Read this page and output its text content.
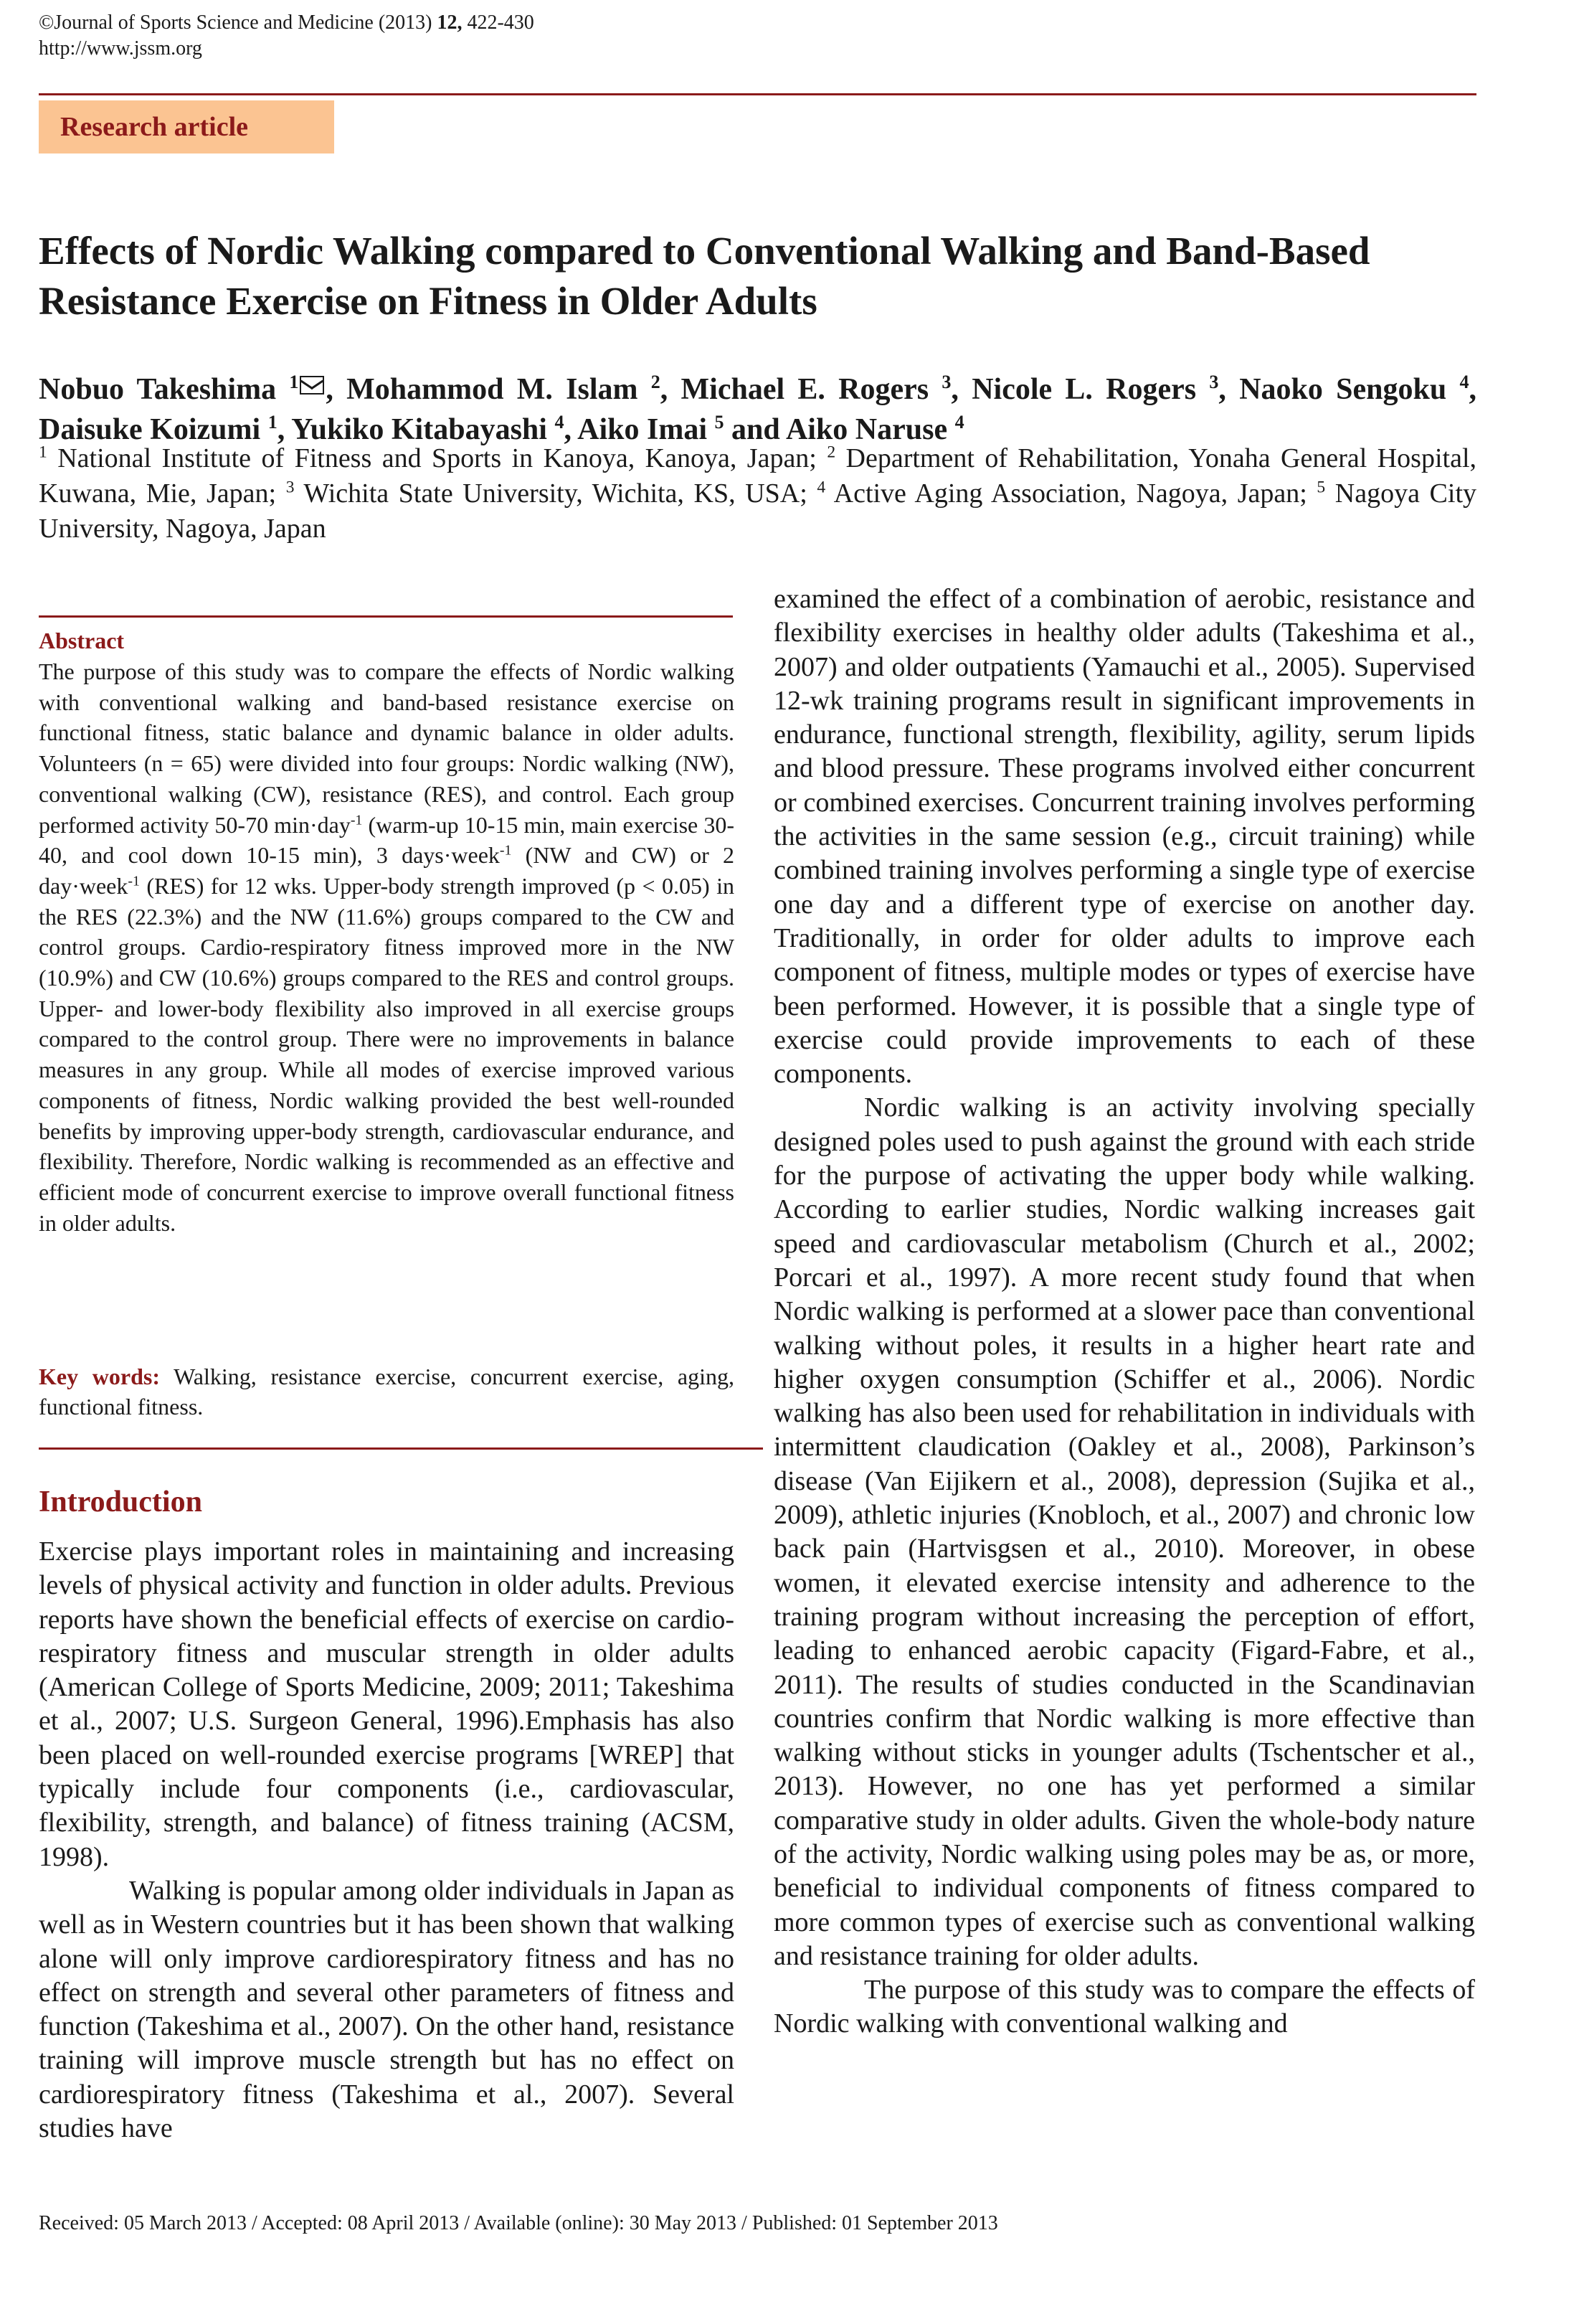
©Journal of Sports Science and Medicine (2013) 12, 422-430
http://www.jssm.org
Research article
Effects of Nordic Walking compared to Conventional Walking and Band-Based Resistance Exercise on Fitness in Older Adults
Nobuo Takeshima $^1$ , Mohammod M. Islam $^2$, Michael E. Rogers $^3$, Nicole L. Rogers $^3$, Naoko Sengoku $^4$, Daisuke Koizumi $^1$, Yukiko Kitabayashi $^4$, Aiko Imai $^5$ and Aiko Naruse $^4$
$^1$ National Institute of Fitness and Sports in Kanoya, Kanoya, Japan; $^2$ Department of Rehabilitation, Yonaha General Hospital, Kuwana, Mie, Japan; $^3$ Wichita State University, Wichita, KS, USA; $^4$ Active Aging Association, Nagoya, Japan; $^5$ Nagoya City University, Nagoya, Japan
Abstract
The purpose of this study was to compare the effects of Nordic walking with conventional walking and band-based resistance exercise on functional fitness, static balance and dynamic balance in older adults. Volunteers (n = 65) were divided into four groups: Nordic walking (NW), conventional walking (CW), resistance (RES), and control. Each group performed activity 50-70 min·day$^{-1}$ (warm-up 10-15 min, main exercise 30-40, and cool down 10-15 min), 3 days·week$^{-1}$ (NW and CW) or 2 day·week$^{-1}$ (RES) for 12 wks. Upper-body strength improved (p < 0.05) in the RES (22.3%) and the NW (11.6%) groups compared to the CW and control groups. Cardio-respiratory fitness improved more in the NW (10.9%) and CW (10.6%) groups compared to the RES and control groups. Upper- and lower-body flexibility also improved in all exercise groups compared to the control group. There were no improvements in balance measures in any group. While all modes of exercise improved various components of fitness, Nordic walking provided the best well-rounded benefits by improving upper-body strength, cardiovascular endurance, and flexibility. Therefore, Nordic walking is recommended as an effective and efficient mode of concurrent exercise to improve overall functional fitness in older adults.
Key words: Walking, resistance exercise, concurrent exercise, aging, functional fitness.
Introduction

Exercise plays important roles in maintaining and increasing levels of physical activity and function in older adults. Previous reports have shown the beneficial effects of exercise on cardio-respiratory fitness and muscular strength in older adults (American College of Sports Medicine, 2009; 2011; Takeshima et al., 2007; U.S. Surgeon General, 1996).Emphasis has also been placed on well-rounded exercise programs [WREP] that typically include four components (i.e., cardiovascular, flexibility, strength, and balance) of fitness training (ACSM, 1998).

Walking is popular among older individuals in Japan as well as in Western countries but it has been shown that walking alone will only improve cardiorespiratory fitness and has no effect on strength and several other parameters of fitness and function (Takeshima et al., 2007). On the other hand, resistance training will improve muscle strength but has no effect on cardiorespiratory fitness (Takeshima et al., 2007). Several studies have

examined the effect of a combination of aerobic, resistance and flexibility exercises in healthy older adults (Takeshima et al., 2007) and older outpatients (Yamauchi et al., 2005). Supervised 12-wk training programs result in significant improvements in endurance, functional strength, flexibility, agility, serum lipids and blood pressure. These programs involved either concurrent or combined exercises. Concurrent training involves performing the activities in the same session (e.g., circuit training) while combined training involves performing a single type of exercise one day and a different type of exercise on another day. Traditionally, in order for older adults to improve each component of fitness, multiple modes or types of exercise have been performed. However, it is possible that a single type of exercise could provide improvements to each of these components.

Nordic walking is an activity involving specially designed poles used to push against the ground with each stride for the purpose of activating the upper body while walking. According to earlier studies, Nordic walking increases gait speed and cardiovascular metabolism (Church et al., 2002; Porcari et al., 1997). A more recent study found that when Nordic walking is performed at a slower pace than conventional walking without poles, it results in a higher heart rate and higher oxygen consumption (Schiffer et al., 2006). Nordic walking has also been used for rehabilitation in individuals with intermittent claudication (Oakley et al., 2008), Parkinson’s disease (Van Eijikern et al., 2008), depression (Sujika et al., 2009), athletic injuries (Knobloch, et al., 2007) and chronic low back pain (Hartvisgsen et al., 2010). Moreover, in obese women, it elevated exercise intensity and adherence to the training program without increasing the perception of effort, leading to enhanced aerobic capacity (Figard-Fabre, et al., 2011). The results of studies conducted in the Scandinavian countries confirm that Nordic walking is more effective than walking without sticks in younger adults (Tschentscher et al., 2013). However, no one has yet performed a similar comparative study in older adults. Given the whole-body nature of the activity, Nordic walking using poles may be as, or more, beneficial to individual components of fitness compared to more common types of exercise such as conventional walking and resistance training for older adults.

The purpose of this study was to compare the effects of Nordic walking with conventional walking and

Received: 05 March 2013 / Accepted: 08 April 2013 / Available (online): 30 May 2013 / Published: 01 September 2013
